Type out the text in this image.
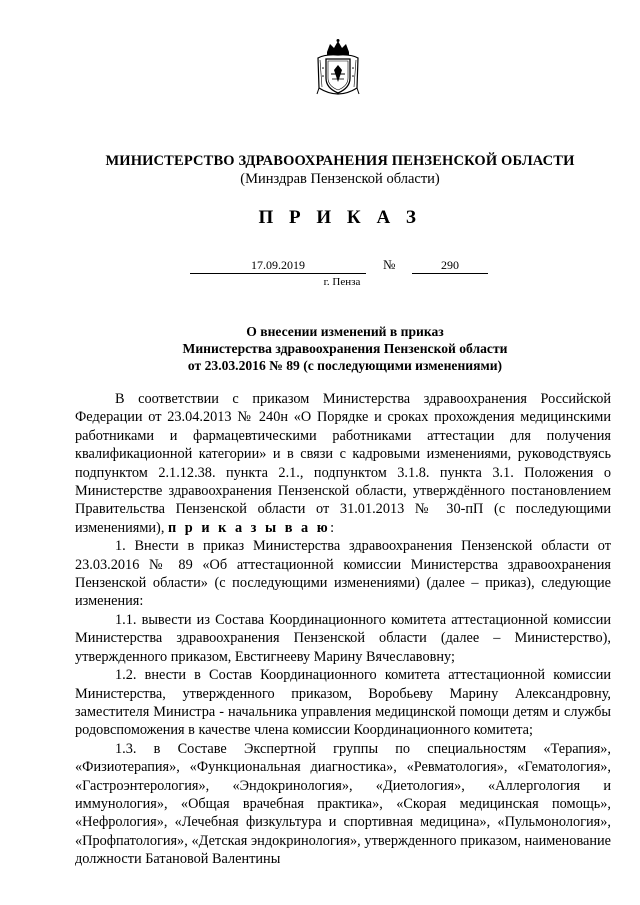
МИНИСТЕРСТВО ЗДРАВООХРАНЕНИЯ ПЕНЗЕНСКОЙ ОБЛАСТИ
(Минздрав Пензенской области)
П Р И К А З
17.09.2019	№	290
г. Пенза
О внесении изменений в приказ
Министерства здравоохранения Пензенской области
от 23.03.2016 № 89 (с последующими изменениями)

В соответствии с приказом Министерства здравоохранения Российской Федерации от 23.04.2013 № 240н «О Порядке и сроках прохождения медицинскими работниками и фармацевтическими работниками аттестации для получения квалификационной категории» и в связи с кадровыми изменениями, руководствуясь подпунктом 2.1.12.38. пункта 2.1., подпунктом 3.1.8. пункта 3.1. Положения о Министерстве здравоохранения Пензенской области, утверждённого постановлением Правительства Пензенской области от 31.01.2013 № 30-пП (с последующими изменениями), п р и к а з ы в а ю:

1. Внести в приказ Министерства здравоохранения Пензенской области от 23.03.2016 № 89 «Об аттестационной комиссии Министерства здравоохранения Пензенской области» (с последующими изменениями) (далее – приказ), следующие изменения:

1.1. вывести из Состава Координационного комитета аттестационной комиссии Министерства здравоохранения Пензенской области (далее – Министерство), утвержденного приказом, Евстигнееву Марину Вячеславовну;

1.2. внести в Состав Координационного комитета аттестационной комиссии Министерства, утвержденного приказом, Воробьеву Марину Александровну, заместителя Министра - начальника управления медицинской помощи детям и службы родовспоможения в качестве члена комиссии Координационного комитета;

1.3. в Составе Экспертной группы по специальностям «Терапия», «Физиотерапия», «Функциональная диагностика», «Ревматология», «Гематология», «Гастроэнтерология», «Эндокринология», «Диетология», «Аллергология и иммунология», «Общая врачебная практика», «Скорая медицинская помощь», «Нефрология», «Лечебная физкультура и спортивная медицина», «Пульмонология», «Профпатология», «Детская эндокринология», утвержденного приказом, наименование должности Батановой Валентины
